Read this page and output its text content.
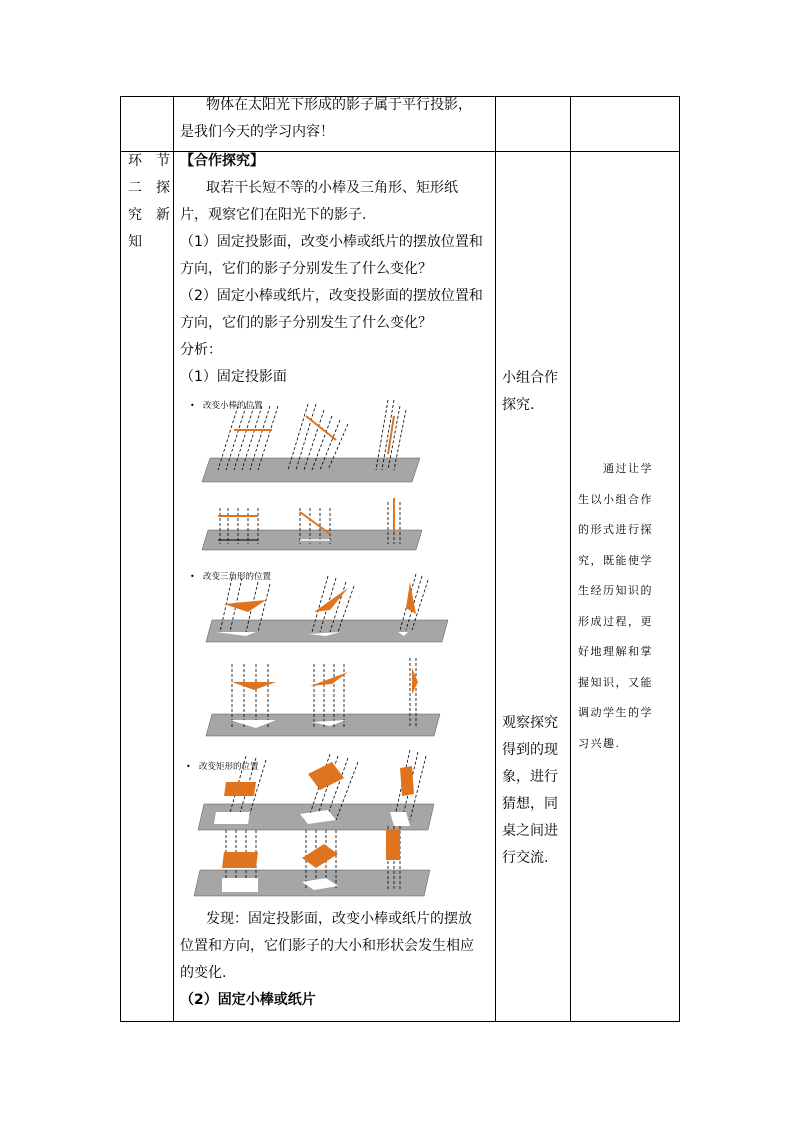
物体在太阳光下形成的影子属于平行投影，
是我们今天的学习内容！
环　节
二　探
究　新
知
【合作探究】
取若干长短不等的小棒及三角形、矩形纸
片，观察它们在阳光下的影子.
（1）固定投影面，改变小棒或纸片的摆放位置和
方向，它们的影子分别发生了什么变化？
（2）固定小棒或纸片，改变投影面的摆放位置和
方向，它们的影子分别发生了什么变化？
分析：
（1）固定投影面
• 改变小棒的位置
• 改变三角形的位置
• 改变矩形的位置
发现：固定投影面，改变小棒或纸片的摆放
位置和方向，它们影子的大小和形状会发生相应
的变化.
（2）固定小棒或纸片
小组合作
探究.
观察探究
得到的现
象，进行
猜想，同
桌之间进
行交流.
　　通过让学
生以小组合作
的形式进行探
究，既能使学
生经历知识的
形成过程，更
好地理解和掌
握知识，又能
调动学生的学
习兴趣.
